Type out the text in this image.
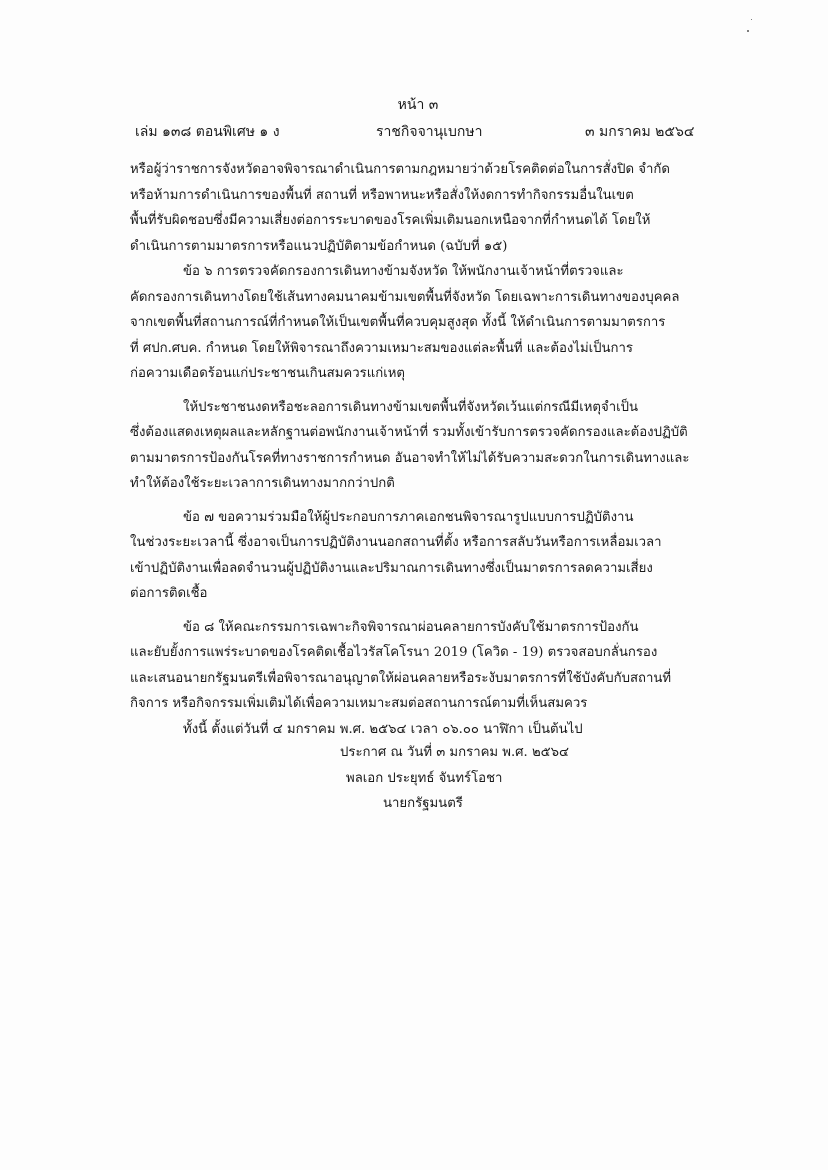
หน้า ๓
เล่ม ๑๓๘ ตอนพิเศษ ๑ ง	ราชกิจจานุเบกษา	๓ มกราคม ๒๕๖๔
หรือผู้ว่าราชการจังหวัดอาจพิจารณาดำเนินการตามกฎหมายว่าด้วยโรคติดต่อในการสั่งปิด จำกัด
หรือห้ามการดำเนินการของพื้นที่ สถานที่ หรือพาหนะหรือสั่งให้งดการทำกิจกรรมอื่นในเขต
พื้นที่รับผิดชอบซึ่งมีความเสี่ยงต่อการระบาดของโรคเพิ่มเติมนอกเหนือจากที่กำหนดได้ โดยให้
ดำเนินการตามมาตรการหรือแนวปฏิบัติตามข้อกำหนด (ฉบับที่ ๑๕)
ข้อ ๖ การตรวจคัดกรองการเดินทางข้ามจังหวัด ให้พนักงานเจ้าหน้าที่ตรวจและ
คัดกรองการเดินทางโดยใช้เส้นทางคมนาคมข้ามเขตพื้นที่จังหวัด โดยเฉพาะการเดินทางของบุคคล
จากเขตพื้นที่สถานการณ์ที่กำหนดให้เป็นเขตพื้นที่ควบคุมสูงสุด ทั้งนี้ ให้ดำเนินการตามมาตรการ
ที่ ศปก.ศบค. กำหนด โดยให้พิจารณาถึงความเหมาะสมของแต่ละพื้นที่ และต้องไม่เป็นการ
ก่อความเดือดร้อนแก่ประชาชนเกินสมควรแก่เหตุ
ให้ประชาชนงดหรือชะลอการเดินทางข้ามเขตพื้นที่จังหวัดเว้นแต่กรณีมีเหตุจำเป็น
ซึ่งต้องแสดงเหตุผลและหลักฐานต่อพนักงานเจ้าหน้าที่ รวมทั้งเข้ารับการตรวจคัดกรองและต้องปฏิบัติ
ตามมาตรการป้องกันโรคที่ทางราชการกำหนด อันอาจทำให้ไม่ได้รับความสะดวกในการเดินทางและ
ทำให้ต้องใช้ระยะเวลาการเดินทางมากกว่าปกติ
ข้อ ๗ ขอความร่วมมือให้ผู้ประกอบการภาคเอกชนพิจารณารูปแบบการปฏิบัติงาน
ในช่วงระยะเวลานี้ ซึ่งอาจเป็นการปฏิบัติงานนอกสถานที่ตั้ง หรือการสลับวันหรือการเหลื่อมเวลา
เข้าปฏิบัติงานเพื่อลดจำนวนผู้ปฏิบัติงานและปริมาณการเดินทางซึ่งเป็นมาตรการลดความเสี่ยง
ต่อการติดเชื้อ
ข้อ ๘ ให้คณะกรรมการเฉพาะกิจพิจารณาผ่อนคลายการบังคับใช้มาตรการป้องกัน
และยับยั้งการแพร่ระบาดของโรคติดเชื้อไวรัสโคโรนา 2019 (โควิด - 19) ตรวจสอบกลั่นกรอง
และเสนอนายกรัฐมนตรีเพื่อพิจารณาอนุญาตให้ผ่อนคลายหรือระงับมาตรการที่ใช้บังคับกับสถานที่
กิจการ หรือกิจกรรมเพิ่มเติมได้เพื่อความเหมาะสมต่อสถานการณ์ตามที่เห็นสมควร
ทั้งนี้ ตั้งแต่วันที่ ๔ มกราคม พ.ศ. ๒๕๖๔ เวลา ๐๖.๐๐ นาฬิกา เป็นต้นไป
ประกาศ ณ วันที่ ๓ มกราคม พ.ศ. ๒๕๖๔
พลเอก ประยุทธ์ จันทร์โอชา
นายกรัฐมนตรี
